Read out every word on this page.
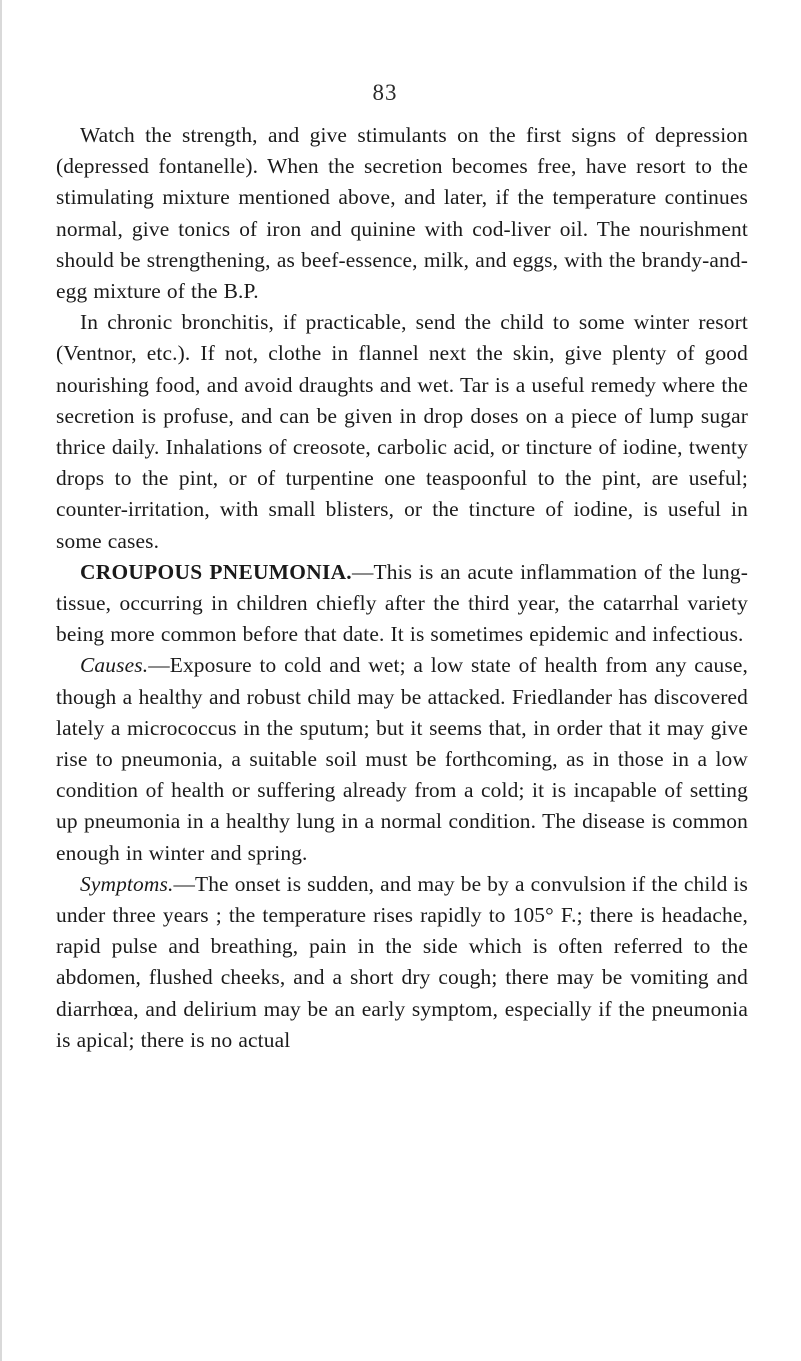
83

Watch the strength, and give stimulants on the first signs of depression (depressed fontanelle). When the secretion becomes free, have resort to the stimulating mixture mentioned above, and later, if the temperature continues normal, give tonics of iron and quinine with cod-liver oil. The nourishment should be strengthening, as beef-essence, milk, and eggs, with the brandy-and-egg mixture of the B.P.

In chronic bronchitis, if practicable, send the child to some winter resort (Ventnor, etc.). If not, clothe in flannel next the skin, give plenty of good nourishing food, and avoid draughts and wet. Tar is a useful remedy where the secretion is profuse, and can be given in drop doses on a piece of lump sugar thrice daily. Inhalations of creosote, carbolic acid, or tincture of iodine, twenty drops to the pint, or of turpentine one teaspoonful to the pint, are useful; counter-irritation, with small blisters, or the tincture of iodine, is useful in some cases.

CROUPOUS PNEUMONIA.—This is an acute inflammation of the lung-tissue, occurring in children chiefly after the third year, the catarrhal variety being more common before that date. It is sometimes epidemic and infectious.

Causes.—Exposure to cold and wet; a low state of health from any cause, though a healthy and robust child may be attacked. Friedlander has discovered lately a micrococcus in the sputum; but it seems that, in order that it may give rise to pneumonia, a suitable soil must be forthcoming, as in those in a low condition of health or suffering already from a cold; it is incapable of setting up pneumonia in a healthy lung in a normal condition. The disease is common enough in winter and spring.

Symptoms.—The onset is sudden, and may be by a convulsion if the child is under three years ; the temperature rises rapidly to 105° F.; there is headache, rapid pulse and breathing, pain in the side which is often referred to the abdomen, flushed cheeks, and a short dry cough; there may be vomiting and diarrhœa, and delirium may be an early symptom, especially if the pneumonia is apical; there is no actual
